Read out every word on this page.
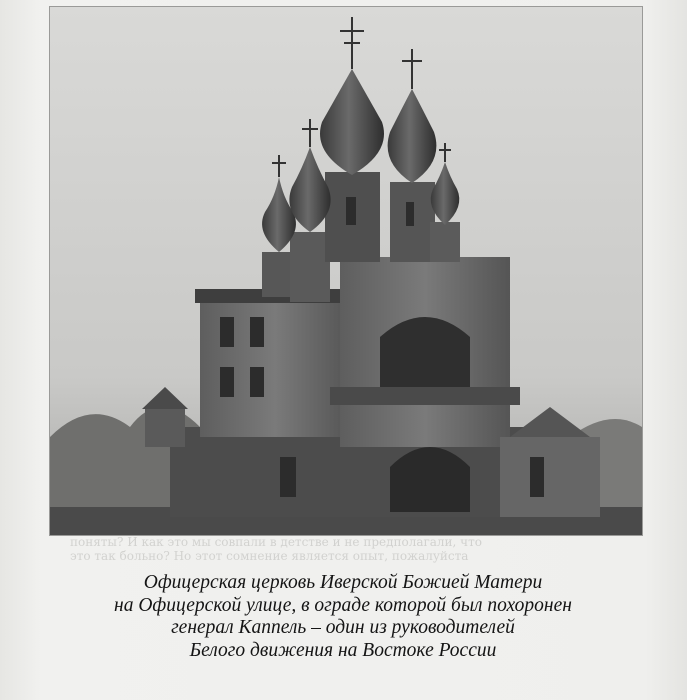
поняты? И как это мы совпали в детстве и не предполагали, что
это так больно? Но этот сомнение является опыт, пожалуйста
Офицерская церковь Иверской Божией Матери
на Офицерской улице, в ограде которой был похоронен
генерал Каппель – один из руководителей
Белого движения на Востоке России
